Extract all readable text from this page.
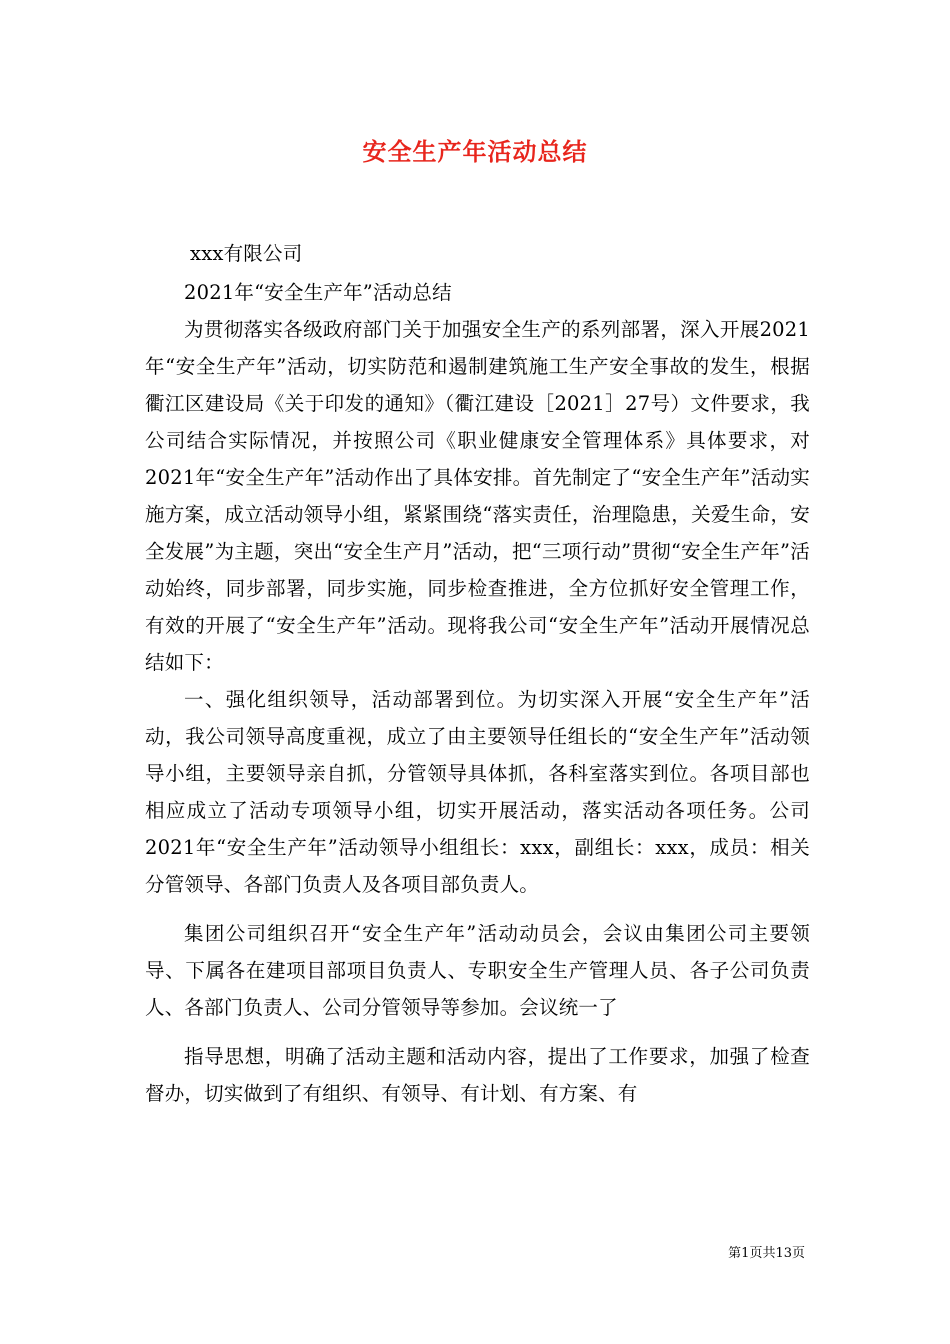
安全生产年活动总结

xxx有限公司

2021年“安全生产年”活动总结

为贯彻落实各级政府部门关于加强安全生产的系列部署，深入开展2021年“安全生产年”活动，切实防范和遏制建筑施工生产安全事故的发生，根据衢江区建设局《关于印发的通知》（衢江建设［2021］27号）文件要求，我公司结合实际情况，并按照公司《职业健康安全管理体系》具体要求，对2021年“安全生产年”活动作出了具体安排。首先制定了“安全生产年”活动实施方案，成立活动领导小组，紧紧围绕“落实责任，治理隐患，关爱生命，安全发展”为主题，突出“安全生产月”活动，把“三项行动”贯彻“安全生产年”活动始终，同步部署，同步实施，同步检查推进，全方位抓好安全管理工作，有效的开展了“安全生产年”活动。现将我公司“安全生产年”活动开展情况总结如下：

一、强化组织领导，活动部署到位。为切实深入开展“安全生产年”活动，我公司领导高度重视，成立了由主要领导任组长的“安全生产年”活动领导小组，主要领导亲自抓，分管领导具体抓，各科室落实到位。各项目部也相应成立了活动专项领导小组，切实开展活动，落实活动各项任务。公司2021年“安全生产年”活动领导小组组长：xxx，副组长：xxx，成员：相关分管领导、各部门负责人及各项目部负责人。

集团公司组织召开“安全生产年”活动动员会，会议由集团公司主要领导、下属各在建项目部项目负责人、专职安全生产管理人员、各子公司负责人、各部门负责人、公司分管领导等参加。会议统一了

指导思想，明确了活动主题和活动内容，提出了工作要求，加强了检查督办，切实做到了有组织、有领导、有计划、有方案、有

第1页共13页
